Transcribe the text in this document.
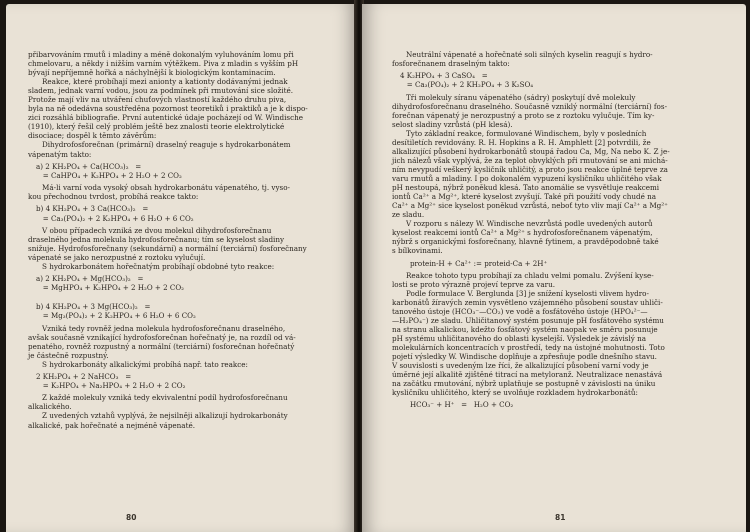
přibarvováním rmutů i mladiny a méně dokonalým vyluhováním lomu při
chmelovaru, a někdy i nižším varním výtěžkem. Piva z mladin s vyšším pH
bývají nepříjemně hořká a náchylnější k biologickým kontaminacím.
Reakce, které probíhají mezi anionty a kationty dodávanými jednak
sladem, jednak varní vodou, jsou za podmínek při rmutování sice složité.
Protože mají vliv na utváření chuťových vlastností každého druhu piva,
byla na ně odedávna soustředěna pozornost teoretiků i praktiků a je k dispo-
zici rozsáhlá bibliografie. První autentické údaje pocházejí od W. Windische
(1910), který řešil celý problém ještě bez znalosti teorie elektrolytické
disociace; dospěl k těmto závěrům:
Dihydrofosforečnan (primární) draselný reaguje s hydrokarbonátem
vápenatým takto:
a) 2 KH₂PO₄ + Ca(HCO₃)₂   =
= CaHPO₄ + K₂HPO₄ + 2 H₂O + 2 CO₂
Má-li varní voda vysoký obsah hydrokarbonátu vápenatého, tj. vyso-
kou přechodnou tvrdost, probíhá reakce takto:
b) 4 KH₂PO₄ + 3 Ca(HCO₃)₂   =
= Ca₃(PO₄)₂ + 2 K₂HPO₄ + 6 H₂O + 6 CO₂
V obou případech vzniká ze dvou molekul dihydrofosforečnanu
draselného jedna molekula hydrofosforečnanu; tím se kyselost sladiny
snižuje. Hydrofosforečnany (sekundární) a normální (terciární) fosforečnany
vápenaté se jako nerozpustné z roztoku vylučují.
S hydrokarbonátem hořečnatým probíhají obdobné tyto reakce:
a) 2 KH₂PO₄ + Mg(HCO₃)₂   =
= MgHPO₄ + K₂HPO₄ + 2 H₂O + 2 CO₂

b) 4 KH₂PO₄ + 3 Mg(HCO₃)₂   =
= Mg₃(PO₄)₂ + 2 K₂HPO₄ + 6 H₂O + 6 CO₂
Vzniká tedy rovněž jedna molekula hydrofosforečnanu draselného,
avšak současně vznikající hydrofosforečnan hořečnatý je, na rozdíl od vá-
penatého, rovněž rozpustný a normální (terciární) fosforečnan hořečnatý
je částečně rozpustný.
S hydrokarbonáty alkalickými probíhá např. tato reakce:
2 KH₂PO₄ + 2 NaHCO₃   =
= K₂HPO₄ + Na₂HPO₄ + 2 H₂O + 2 CO₂
Z každé molekuly vzniká tedy ekvivalentní podíl hydrofosforečnanu
alkalického.
Z uvedených vztahů vyplývá, že nejsilněji alkalizují hydrokarbonáty
alkalické, pak hořečnaté a nejméně vápenaté.
80
Neutrální vápenaté a hořečnaté soli silných kyselin reagují s hydro-
fosforečnanem draselným takto:
4 K₂HPO₄ + 3 CaSO₄   =
= Ca₃(PO₄)₂ + 2 KH₂PO₄ + 3 K₂SO₄
Tři molekuly síranu vápenatého (sádry) poskytují dvě molekuly
dihydrofosforečnanu draselného. Současně vzniklý normální (terciární) fos-
forečnan vápenatý je nerozpustný a proto se z roztoku vylučuje. Tím ky-
selost sladiny vzrůstá (pH klesá).
Tyto základní reakce, formulované Windischem, byly v posledních
desítiletích revidovány. R. H. Hopkins a R. H. Amphlett [2] potvrdili, že
alkalizující působení hydrokarbonátů stoupá řadou Ca, Mg, Na nebo K. Z je-
jich nálezů však vyplývá, že za teplot obvyklých při rmutování se ani michá-
ním nevypudí veškerý kysličník uhličitý, a proto jsou reakce úplné teprve za
varu rmutů a mladiny. I po dokonalém vypuzení kysličníku uhličitého však
pH nestoupá, nýbrž poněkud klesá. Tato anomálie se vysvětluje reakcemi
iontů Ca²⁺ a Mg²⁺, které kyselost zvyšují. Také při použití vody chudé na
Ca²⁺ a Mg²⁺ sice kyselost poněkud vzrůstá, neboť tyto vliv mají Ca²⁺ a Mg²⁺
ze sladu.
V rozporu s nálezy W. Windische nevzrůstá podle uvedených autorů
kyselost reakcemi iontů Ca²⁺ a Mg²⁺ s hydrofosforečnanem vápenatým,
nýbrž s organickými fosforečnany, hlavně fytinem, a pravděpodobně také
s bílkovinami.
protein-H + Ca²⁺ := proteid-Ca + 2H⁺
Reakce tohoto typu probíhají za chladu velmi pomalu. Zvýšení kyse-
losti se proto výrazně projeví teprve za varu.
Podle formulace V. Berglunda [3] je snížení kyselosti vlivem hydro-
karbonátů žíravých zemin vysvětleno vzájemného působení soustav uhliči-
tanového ústoje (HCO₃⁻—CO₂) ve vodě a fosfátového ústoje (HPO₄²⁻—
—H₂PO₄⁻) ze sladu. Uhličitanový systém posunuje pH fosfátového systému
na stranu alkalickou, kdežto fosfátový systém naopak ve směru posunuje
pH systému uhličitanového do oblasti kyselejší. Výsledek je závislý na
molekulárních koncentracích v prostředí, tedy na ústojné mohutnosti. Toto
pojetí výsledky W. Windische doplňuje a zpřesňuje podle dnešního stavu.
V souvislosti s uvedeným lze říci, že alkalizující působení varní vody je
úměrné její alkalitě zjištěné titrací na metyloranž. Neutralizace nenastává
na začátku rmutování, nýbrž uplatňuje se postupně v závislosti na úniku
kysličníku uhličitého, který se uvolňuje rozkladem hydrokarbonátů:
HCO₃⁻ + H⁺   =   H₂O + CO₂
81
